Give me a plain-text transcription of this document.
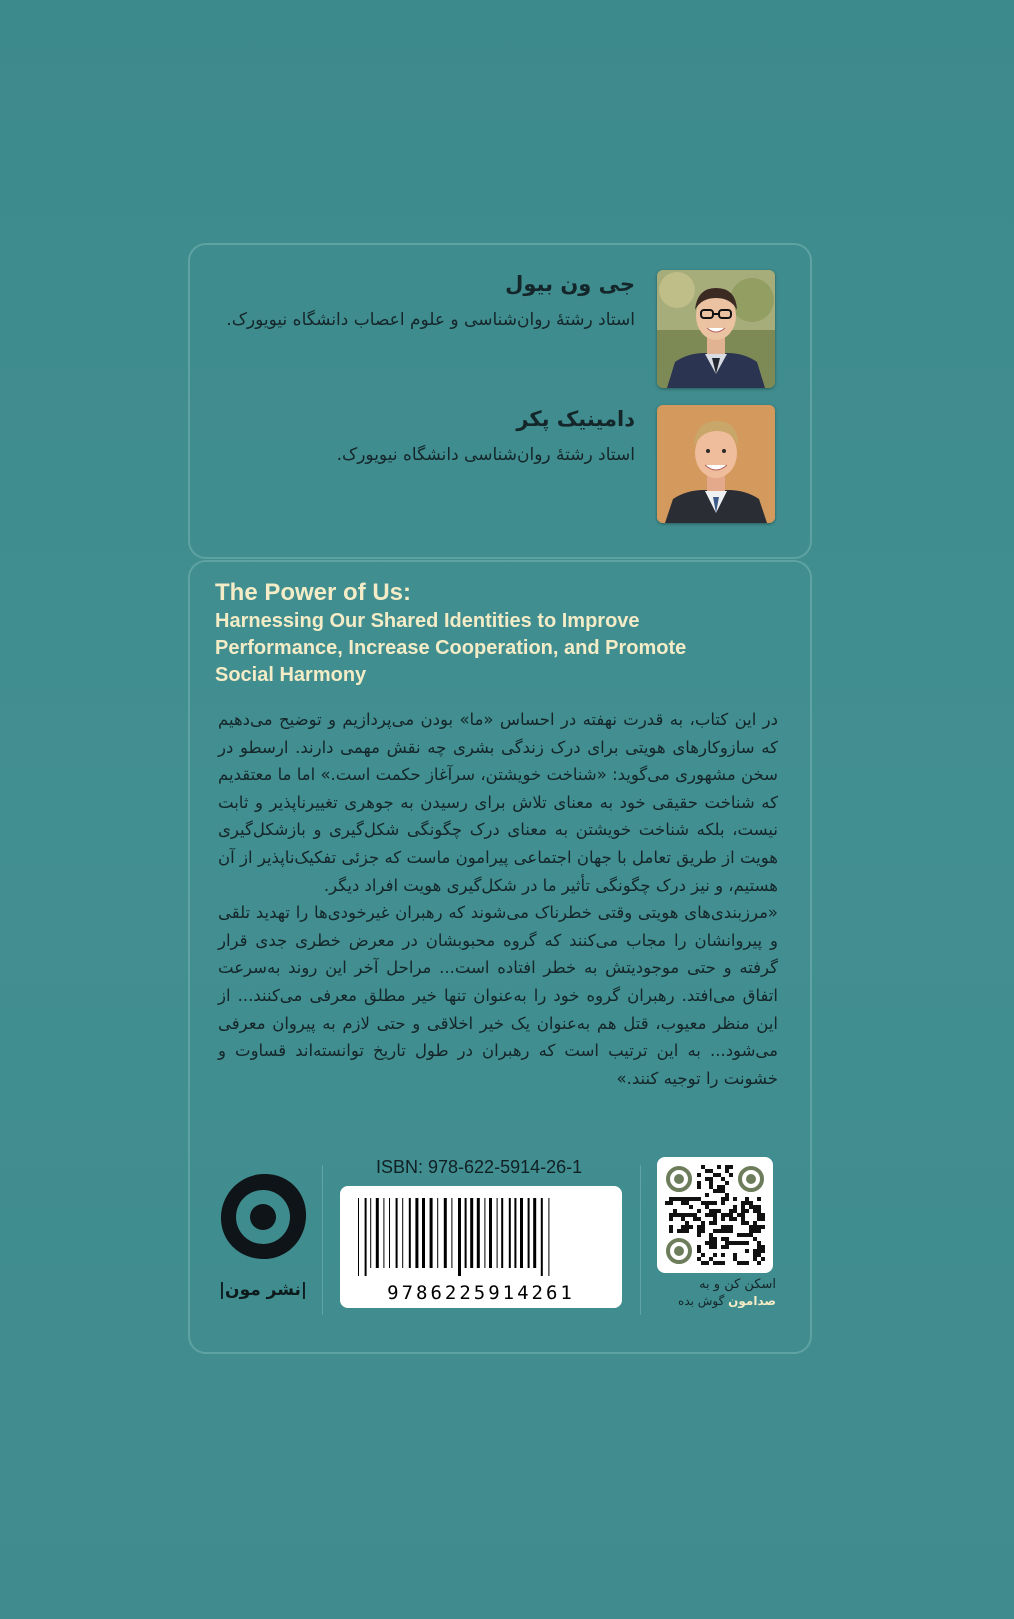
جی ون بیول
استاد رشتهٔ روان‌شناسی و علوم اعصاب دانشگاه نیویورک.
دامینیک پکر
استاد رشتهٔ روان‌شناسی دانشگاه نیویورک.
The Power of Us:
Harnessing Our Shared Identities to Improve
Performance, Increase Cooperation, and Promote
Social Harmony

در این کتاب، به قدرت نهفته در احساس «ما» بودن می‌پردازیم و توضیح می‌دهیم که سازوکارهای هویتی برای درک زندگی بشری چه نقش مهمی دارند. ارسطو در سخن مشهوری می‌گوید: «شناخت خویشتن، سرآغاز حکمت است.» اما ما معتقدیم که شناخت حقیقی خود به معنای تلاش برای رسیدن به جوهری تغییرناپذیر و ثابت نیست، بلکه شناخت خویشتن به معنای درک چگونگی شکل‌گیری و بازشکل‌گیری هویت از طریق تعامل با جهان اجتماعی پیرامون ماست که جزئی تفکیک‌ناپذیر از آن هستیم، و نیز درک چگونگی تأثیر ما در شکل‌گیری هویت افراد دیگر.

«مرزبندی‌های هویتی وقتی خطرناک می‌شوند که رهبران غیرخودی‌ها را تهدید تلقی و پیروانشان را مجاب می‌کنند که گروه محبوبشان در معرض خطری جدی قرار گرفته و حتی موجودیتش به خطر افتاده است... مراحل آخر این روند به‌سرعت اتفاق می‌افتد. رهبران گروه خود را به‌عنوان تنها خیر مطلق معرفی می‌کنند... از این منظر معیوب، قتل هم به‌عنوان یک خیر اخلاقی و حتی لازم به پیروان معرفی می‌شود... به این ترتیب است که رهبران در طول تاریخ توانسته‌اند قساوت و خشونت را توجیه کنند.»

|نشر مون|
ISBN: 978-622-5914-26-1
9786225914261	اسکن کن و به
صدامون گوش بده
